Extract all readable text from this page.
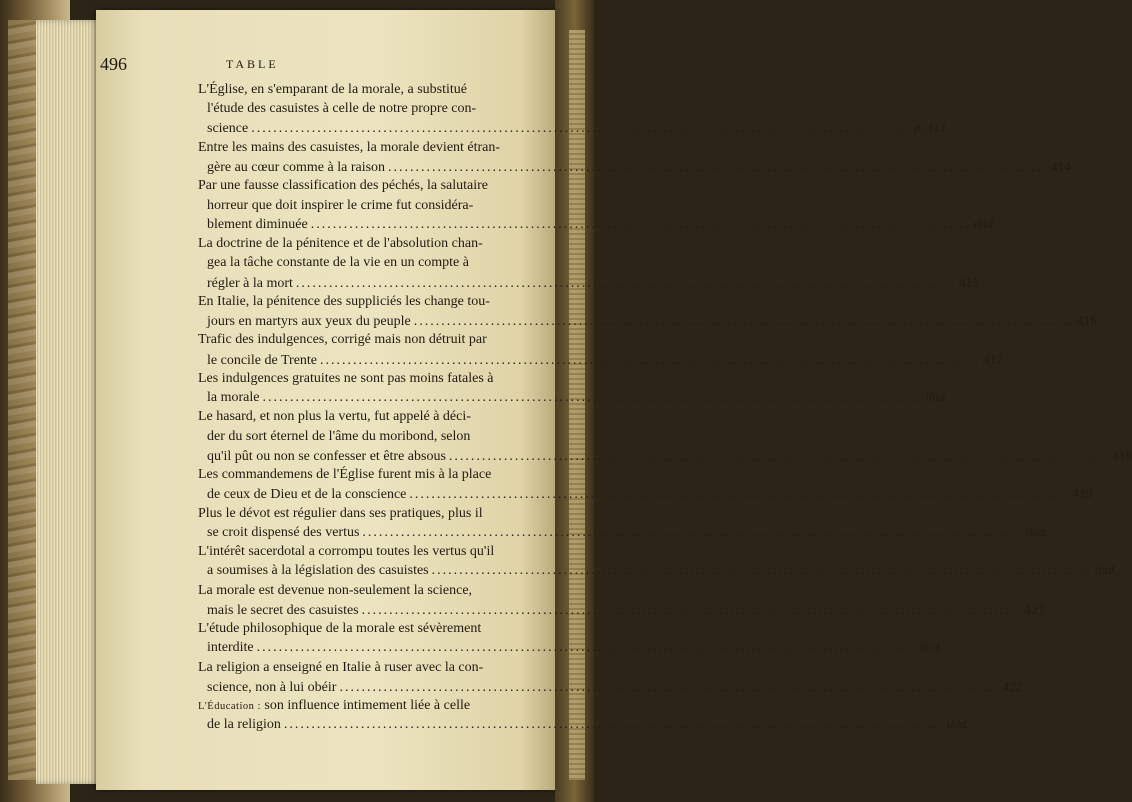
496	TABLE
L'Église, en s'emparant de la morale, a substitué
l'étude des casuistes à celle de notre propre con-
science ........................................................................................................................ p. 413
Entre les mains des casuistes, la morale devient étran-
gère au cœur comme à la raison ........................................................................................................................ 414
Par une fausse classification des péchés, la salutaire
horreur que doit inspirer le crime fut considéra-
blement diminuée ........................................................................................................................ ibid.
La doctrine de la pénitence et de l'absolution chan-
gea la tâche constante de la vie en un compte à
régler à la mort ........................................................................................................................ 415
En Italie, la pénitence des suppliciés les change tou-
jours en martyrs aux yeux du peuple ........................................................................................................................ 416
Trafic des indulgences, corrigé mais non détruit par
le concile de Trente ........................................................................................................................ 417
Les indulgences gratuites ne sont pas moins fatales à
la morale ........................................................................................................................ ibid.
Le hasard, et non plus la vertu, fut appelé à déci-
der du sort éternel de l'âme du moribond, selon
qu'il pût ou non se confesser et être absous ........................................................................................................................ 418
Les commandemens de l'Église furent mis à la place
de ceux de Dieu et de la conscience ........................................................................................................................ 419
Plus le dévot est régulier dans ses pratiques, plus il
se croit dispensé des vertus ........................................................................................................................ ibid.
L'intérêt sacerdotal a corrompu toutes les vertus qu'il
a soumises à la législation des casuistes ........................................................................................................................ ibid.
La morale est devenue non-seulement la science,
mais le secret des casuistes ........................................................................................................................ 421
L'étude philosophique de la morale est sévèrement
interdite ........................................................................................................................ ibid.
La religion a enseigné en Italie à ruser avec la con-
science, non à lui obéir ........................................................................................................................ 422
L'Éducation : son influence intimement liée à celle
de la religion ........................................................................................................................ ibid.
